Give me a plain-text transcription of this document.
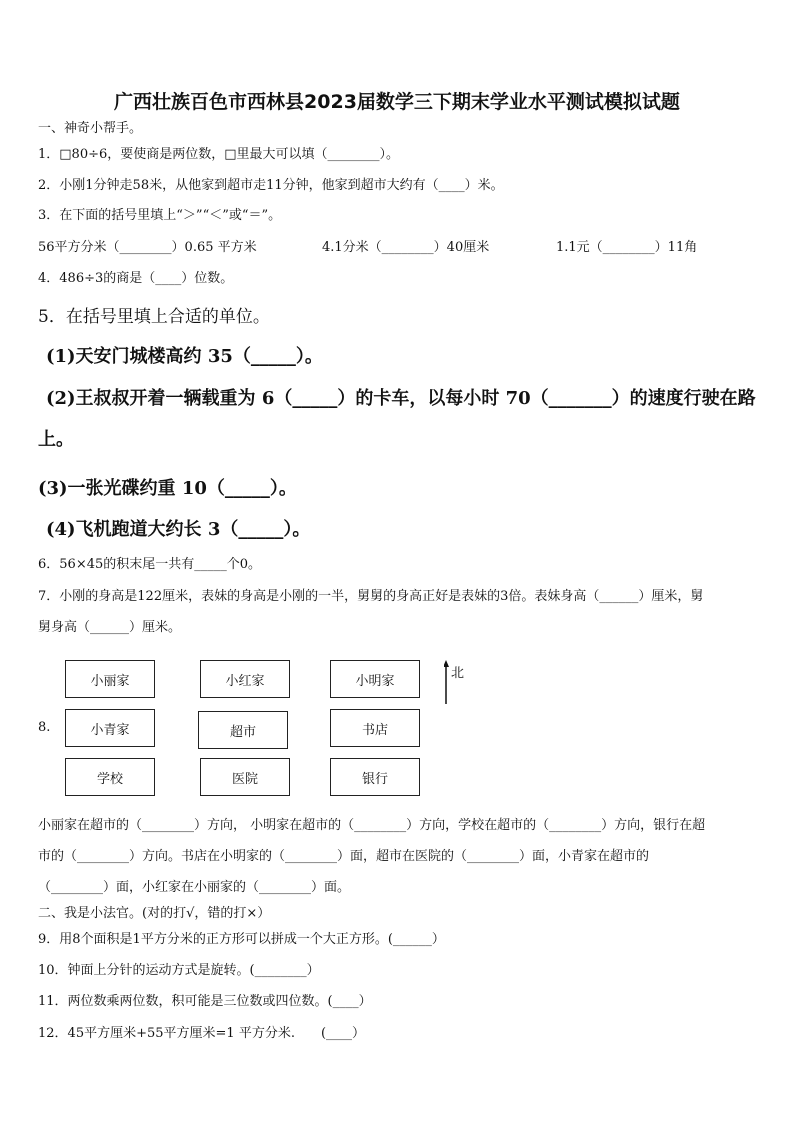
广西壮族百色市西林县2023届数学三下期末学业水平测试模拟试题
一、神奇小帮手。
1．□80÷6，要使商是两位数，□里最大可以填（________）。
2．小刚1分钟走58米，从他家到超市走11分钟，他家到超市大约有（____）米。
3．在下面的括号里填上“＞”“＜”或“＝”。
56平方分米（________）0.65 平方米	4.1分米（________）40厘米	1.1元（________）11角
4．486÷3的商是（____）位数。
5．在括号里填上合适的单位。
(1)天安门城楼高约 35（_____）。
(2)王叔叔开着一辆载重为 6（_____）的卡车，以每小时 70（_______）的速度行驶在路
上。
(3)一张光碟约重 10（_____）。
(4)飞机跑道大约长 3（_____）。
6．56×45的积末尾一共有_____个0。
7．小刚的身高是122厘米，表妹的身高是小刚的一半，舅舅的身高正好是表妹的3倍。表妹身高（______）厘米，舅
舅身高（______）厘米。
8.
小丽家	小红家	小明家
小青家	超市	书店
学校	医院	银行
北
小丽家在超市的（________）方向， 小明家在超市的（________）方向，学校在超市的（________）方向，银行在超
市的（________）方向。书店在小明家的（________）面，超市在医院的（________）面，小青家在超市的
（________）面，小红家在小丽家的（________）面。
二、我是小法官。(对的打√，错的打×）
9．用8个面积是1平方分米的正方形可以拼成一个大正方形。(______）
10．钟面上分针的运动方式是旋转。(________）
11．两位数乘两位数，积可能是三位数或四位数。(____）
12．45平方厘米+55平方厘米=1 平方分米.　　(____）
